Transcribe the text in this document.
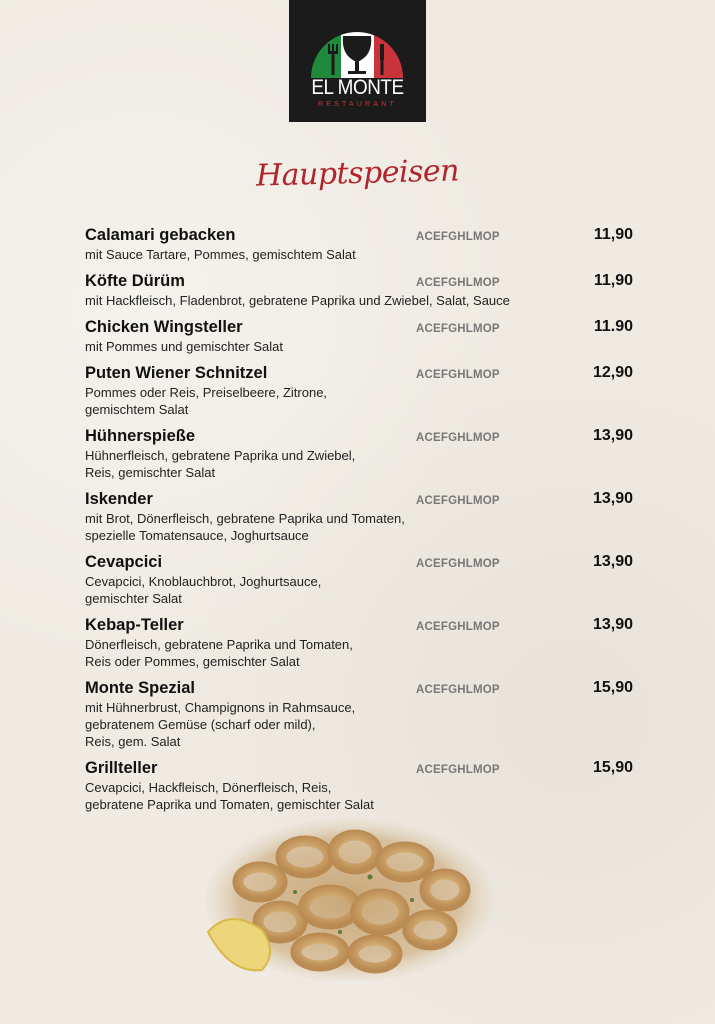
EL MONTE
RESTAURANT
Hauptspeisen
Calamari gebacken	ACEFGHLMOP	11,90
mit Sauce Tartare, Pommes, gemischtem Salat
Köfte Dürüm	ACEFGHLMOP	11,90
mit Hackfleisch, Fladenbrot, gebratene Paprika und Zwiebel, Salat, Sauce
Chicken Wingsteller	ACEFGHLMOP	11.90
mit Pommes und gemischter Salat
Puten Wiener Schnitzel	ACEFGHLMOP	12,90
Pommes oder Reis, Preiselbeere, Zitrone,
gemischtem Salat
Hühnerspieße	ACEFGHLMOP	13,90
Hühnerfleisch, gebratene Paprika und Zwiebel,
Reis, gemischter Salat
Iskender	ACEFGHLMOP	13,90
mit Brot, Dönerfleisch, gebratene Paprika und Tomaten,
spezielle Tomatensauce, Joghurtsauce
Cevapcici	ACEFGHLMOP	13,90
Cevapcici, Knoblauchbrot, Joghurtsauce,
gemischter Salat
Kebap-Teller	ACEFGHLMOP	13,90
Dönerfleisch, gebratene Paprika und Tomaten,
Reis oder Pommes, gemischter Salat
Monte Spezial	ACEFGHLMOP	15,90
mit Hühnerbrust, Champignons in Rahmsauce,
gebratenem Gemüse (scharf oder mild),
Reis, gem. Salat
Grillteller	ACEFGHLMOP	15,90
Cevapcici, Hackfleisch, Dönerfleisch, Reis,
gebratene Paprika und Tomaten, gemischter Salat
